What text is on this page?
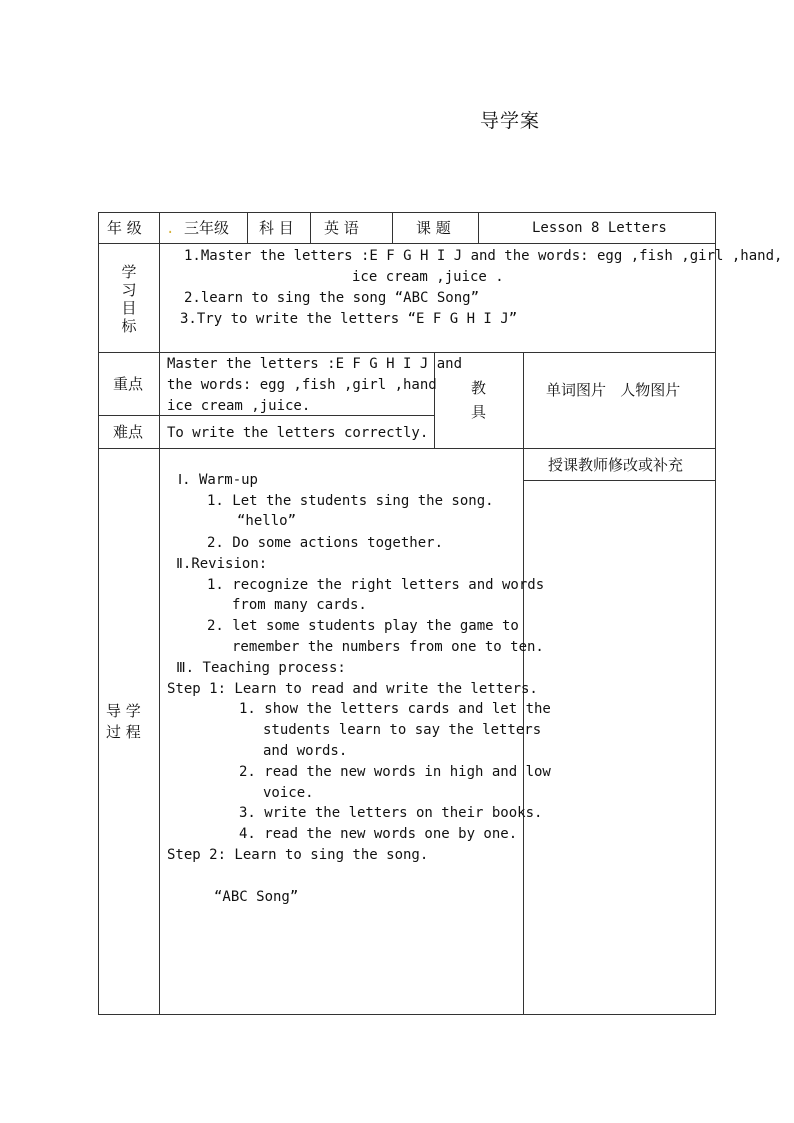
导学案
年 级 . 三年级 科 目 英 语	课 题	Lesson 8 Letters
学习目标
1.Master the letters :E F G H I J and the words: egg ,fish ,girl ,hand,
ice cream ,juice .
2.learn to sing the song “ABC Song”
3.Try to write the letters “E F G H I J”
重点
Master the letters :E F G H I J and
the words: egg ,fish ,girl ,hand
ice cream ,juice.
难点 To write the letters correctly.
教
具
单词图片   人物图片
导 学
过 程
授课教师修改或补充
Ⅰ. Warm-up
1. Let the students sing the song.
“hello”
2. Do some actions together.
Ⅱ.Revision:
1. recognize the right letters and words
from many cards.
2. let some students play the game to
remember the numbers from one to ten.
Ⅲ. Teaching process:
Step 1: Learn to read and write the letters.
1. show the letters cards and let the
students learn to say the letters
and words.
2. read the new words in high and low
voice.
3. write the letters on their books.
4. read the new words one by one.
Step 2: Learn to sing the song.
“ABC Song”
